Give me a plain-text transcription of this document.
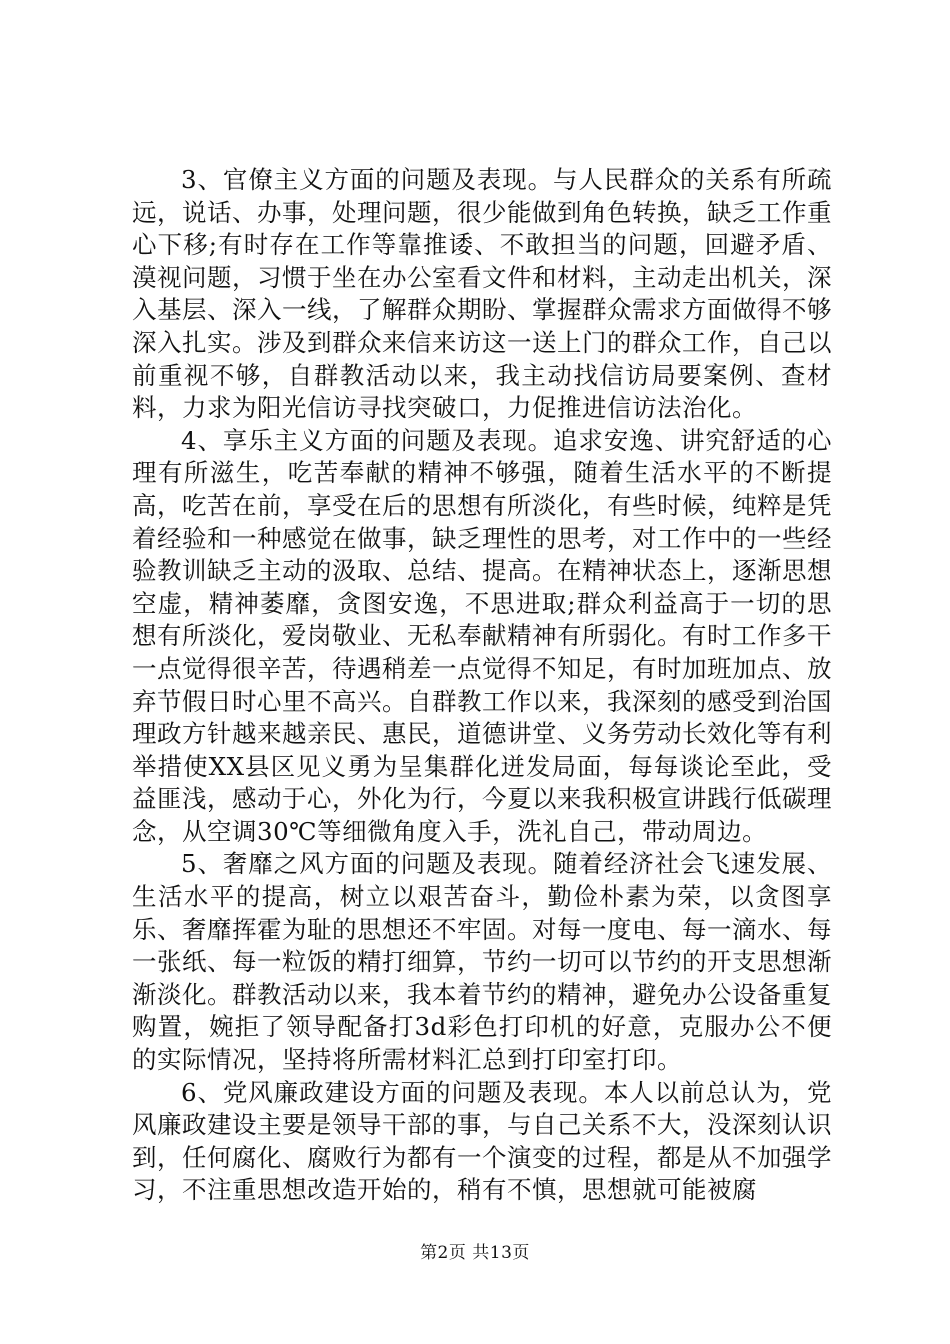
3、官僚主义方面的问题及表现。与人民群众的关系有所疏远，说话、办事，处理问题，很少能做到角色转换，缺乏工作重心下移;有时存在工作等靠推诿、不敢担当的问题，回避矛盾、漠视问题，习惯于坐在办公室看文件和材料，主动走出机关，深入基层、深入一线，了解群众期盼、掌握群众需求方面做得不够深入扎实。涉及到群众来信来访这一送上门的群众工作，自己以前重视不够，自群教活动以来，我主动找信访局要案例、查材料，力求为阳光信访寻找突破口，力促推进信访法治化。

4、享乐主义方面的问题及表现。追求安逸、讲究舒适的心理有所滋生，吃苦奉献的精神不够强，随着生活水平的不断提高，吃苦在前，享受在后的思想有所淡化，有些时候，纯粹是凭着经验和一种感觉在做事，缺乏理性的思考，对工作中的一些经验教训缺乏主动的汲取、总结、提高。在精神状态上，逐渐思想空虚，精神萎靡，贪图安逸，不思进取;群众利益高于一切的思想有所淡化，爱岗敬业、无私奉献精神有所弱化。有时工作多干一点觉得很辛苦，待遇稍差一点觉得不知足，有时加班加点、放弃节假日时心里不高兴。自群教工作以来，我深刻的感受到治国理政方针越来越亲民、惠民，道德讲堂、义务劳动长效化等有利举措使XX县区见义勇为呈集群化迸发局面，每每谈论至此，受益匪浅，感动于心，外化为行，今夏以来我积极宣讲践行低碳理念，从空调30℃等细微角度入手，洗礼自己，带动周边。

5、奢靡之风方面的问题及表现。随着经济社会飞速发展、生活水平的提高，树立以艰苦奋斗，勤俭朴素为荣，以贪图享乐、奢靡挥霍为耻的思想还不牢固。对每一度电、每一滴水、每一张纸、每一粒饭的精打细算，节约一切可以节约的开支思想渐渐淡化。群教活动以来，我本着节约的精神，避免办公设备重复购置，婉拒了领导配备打3d彩色打印机的好意，克服办公不便的实际情况，坚持将所需材料汇总到打印室打印。

6、党风廉政建设方面的问题及表现。本人以前总认为，党风廉政建设主要是领导干部的事，与自己关系不大，没深刻认识到，任何腐化、腐败行为都有一个演变的过程，都是从不加强学习，不注重思想改造开始的，稍有不慎，思想就可能被腐

第2页 共13页
